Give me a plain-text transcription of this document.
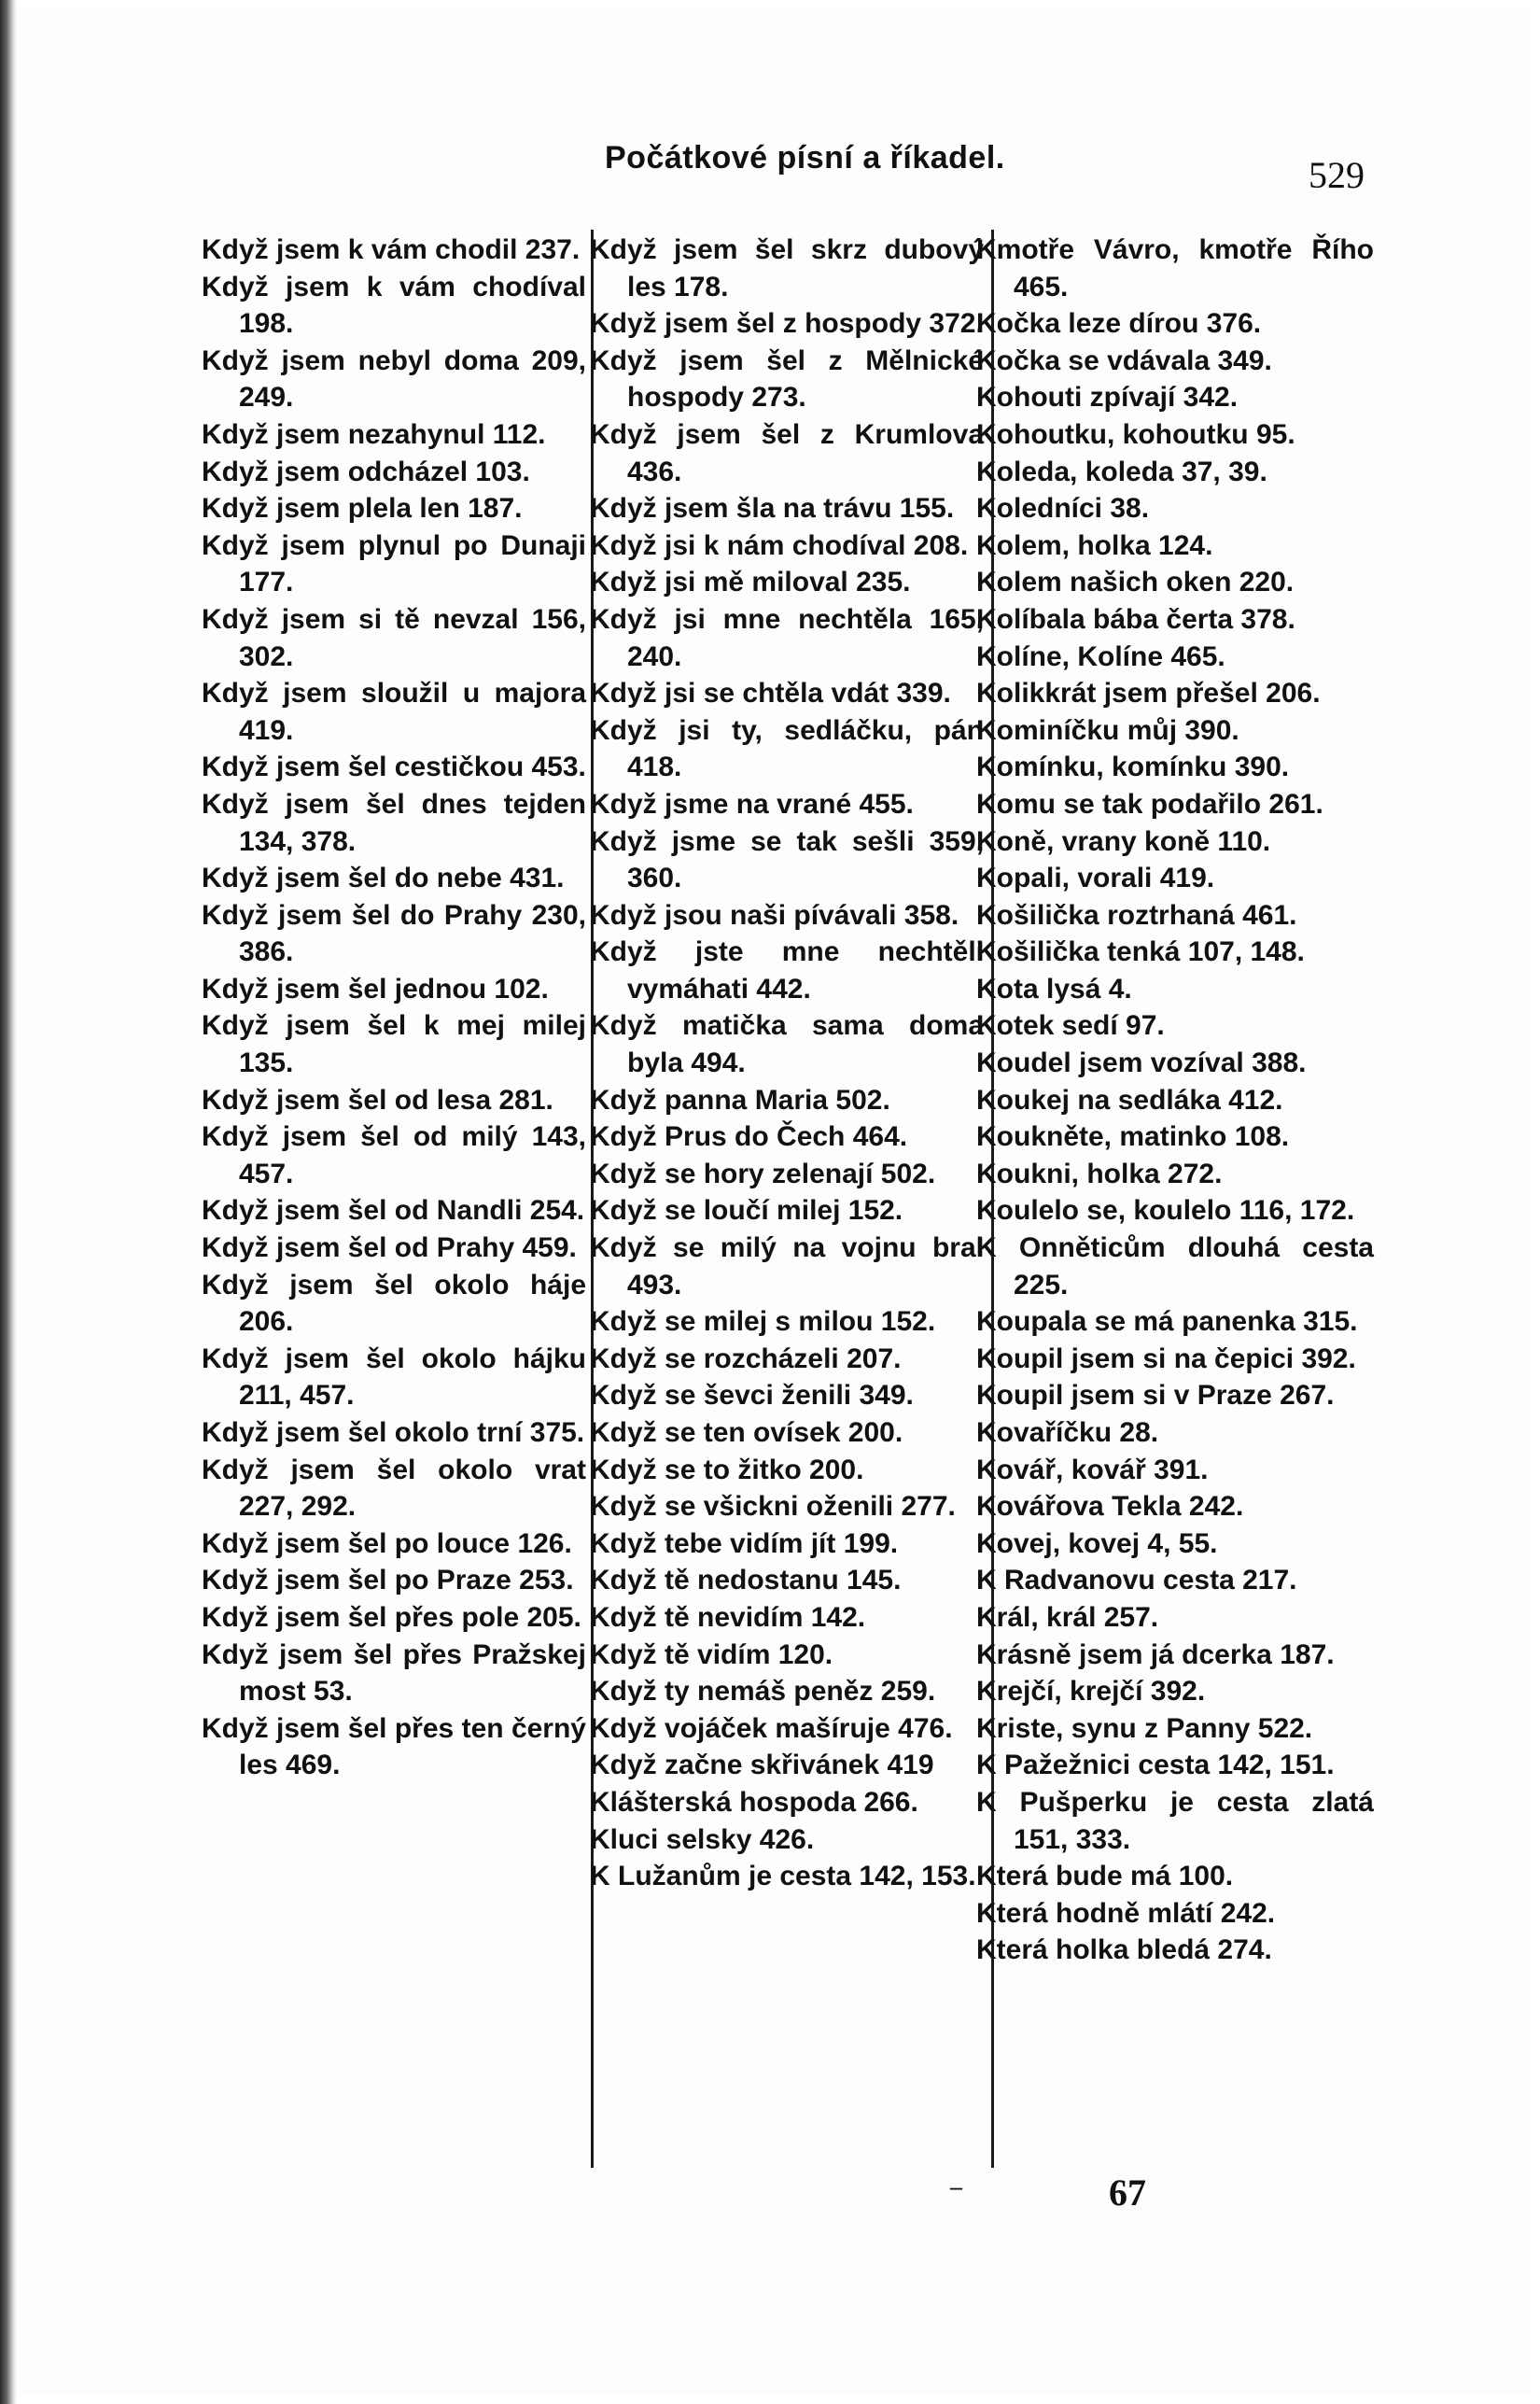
Počátkové písní a říkadel.	529

Když jsem k vám chodil 237.

Když jsem k vám chodíval 198.

Když jsem nebyl doma 209, 249.

Když jsem nezahynul 112.

Když jsem odcházel 103.

Když jsem plela len 187.

Když jsem plynul po Dunaji 177.

Když jsem si tě nevzal 156, 302.

Když jsem sloužil u majora 419.

Když jsem šel cestičkou 453.

Když jsem šel dnes tejden 134, 378.

Když jsem šel do nebe 431.

Když jsem šel do Prahy 230, 386.

Když jsem šel jednou 102.

Když jsem šel k mej milej 135.

Když jsem šel od lesa 281.

Když jsem šel od milý 143, 457.

Když jsem šel od Nandli 254.

Když jsem šel od Prahy 459.

Když jsem šel okolo háje 206.

Když jsem šel okolo hájku 211, 457.

Když jsem šel okolo trní 375.

Když jsem šel okolo vrat 227, 292.

Když jsem šel po louce 126.

Když jsem šel po Praze 253.

Když jsem šel přes pole 205.

Když jsem šel přes Pražskej most 53.

Když jsem šel přes ten černý les 469.

Když jsem šel skrz dubový les 178.

Když jsem šel z hospody 372.

Když jsem šel z Mělnické hospody 273.

Když jsem šel z Krumlova 436.

Když jsem šla na trávu 155.

Když jsi k nám chodíval 208.

Když jsi mě miloval 235.

Když jsi mne nechtěla 165, 240.

Když jsi se chtěla vdát 339.

Když jsi ty, sedláčku, pán 418.

Když jsme na vrané 455.

Když jsme se tak sešli 359, 360.

Když jsou naši pívávali 358.

Když jste mne nechtěli vymáhati 442.

Když matička sama doma byla 494.

Když panna Maria 502.

Když Prus do Čech 464.

Když se hory zelenají 502.

Když se loučí milej 152.

Když se milý na vojnu bral 493.

Když se milej s milou 152.

Když se rozcházeli 207.

Když se ševci ženili 349.

Když se ten ovísek 200.

Když se to žitko 200.

Když se všickni oženili 277.

Když tebe vidím jít 199.

Když tě nedostanu 145.

Když tě nevidím 142.

Když tě vidím 120.

Když ty nemáš peněz 259.

Když vojáček mašíruje 476.

Když začne skřivánek 419

Klášterská hospoda 266.

Kluci selsky 426.

K Lužanům je cesta 142, 153.

Kmotře Vávro, kmotře Řího 465.

Kočka leze dírou 376.

Kočka se vdávala 349.

Kohouti zpívají 342.

Kohoutku, kohoutku 95.

Koleda, koleda 37, 39.

Koledníci 38.

Kolem, holka 124.

Kolem našich oken 220.

Kolíbala bába čerta 378.

Kolíne, Kolíne 465.

Kolikkrát jsem přešel 206.

Kominíčku můj 390.

Komínku, komínku 390.

Komu se tak podařilo 261.

Koně, vrany koně 110.

Kopali, vorali 419.

Košilička roztrhaná 461.

Košilička tenká 107, 148.

Kota lysá 4.

Kotek sedí 97.

Koudel jsem vozíval 388.

Koukej na sedláka 412.

Koukněte, matinko 108.

Koukni, holka 272.

Koulelo se, koulelo 116, 172.

K Onněticům dlouhá cesta 225.

Koupala se má panenka 315.

Koupil jsem si na čepici 392.

Koupil jsem si v Praze 267.

Kovaříčku 28.

Kovář, kovář 391.

Kovářova Tekla 242.

Kovej, kovej 4, 55.

K Radvanovu cesta 217.

Král, král 257.

Krásně jsem já dcerka 187.

Krejčí, krejčí 392.

Kriste, synu z Panny 522.

K Pažežnici cesta 142, 151.

K Pušperku je cesta zlatá 151, 333.

Která bude má 100.

Která hodně mlátí 242.

Která holka bledá 274.

–	67
